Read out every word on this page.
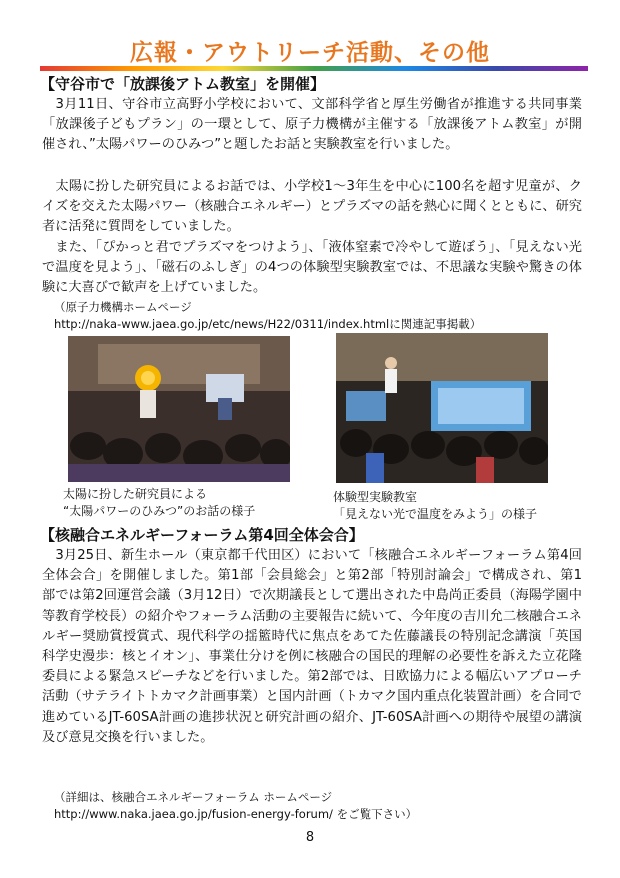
広報・アウトリーチ活動、その他
【守谷市で「放課後アトム教室」を開催】
　3月11日、守谷市立高野小学校において、文部科学省と厚生労働省が推進する共同事業「放課後子どもプラン」の一環として、原子力機構が主催する「放課後アトム教室」が開催され、”太陽パワーのひみつ”と題したお話と実験教室を行いました。
　太陽に扮した研究員によるお話では、小学校1～3年生を中心に100名を超す児童が、クイズを交えた太陽パワー（核融合エネルギー）とプラズマの話を熱心に聞くとともに、研究者に活発に質問をしていました。
　また、「ぴかっと君でプラズマをつけよう」、「液体窒素で冷やして遊ぼう」、「見えない光で温度を見よう」、「磁石のふしぎ」の4つの体験型実験教室では、不思議な実験や驚きの体験に大喜びで歓声を上げていました。
（原子力機構ホームページ
http://naka-www.jaea.go.jp/etc/news/H22/0311/index.htmlに関連記事掲載）
太陽に扮した研究員による
“太陽パワーのひみつ”のお話の様子
体験型実験教室
「見えない光で温度をみよう」の様子
【核融合エネルギーフォーラム第4回全体会合】
　3月25日、新生ホール（東京都千代田区）において「核融合エネルギーフォーラム第4回全体会合」を開催しました。第1部「会員総会」と第2部「特別討論会」で構成され、第1部では第2回運営会議（3月12日）で次期議長として選出された中島尚正委員（海陽学園中等教育学校長）の紹介やフォーラム活動の主要報告に続いて、今年度の吉川允二核融合エネルギー奨励賞授賞式、現代科学の揺籃時代に焦点をあてた佐藤議長の特別記念講演「英国科学史漫歩：核とイオン」、事業仕分けを例に核融合の国民的理解の必要性を訴えた立花隆委員による緊急スピーチなどを行いました。第2部では、日欧協力による幅広いアプローチ活動（サテライトトカマク計画事業）と国内計画（トカマク国内重点化装置計画）を合同で進めているJT-60SA計画の進捗状況と研究計画の紹介、JT-60SA計画への期待や展望の講演及び意見交換を行いました。
（詳細は、核融合エネルギーフォーラム ホームページ
http://www.naka.jaea.go.jp/fusion-energy-forum/ をご覧下さい）
8
